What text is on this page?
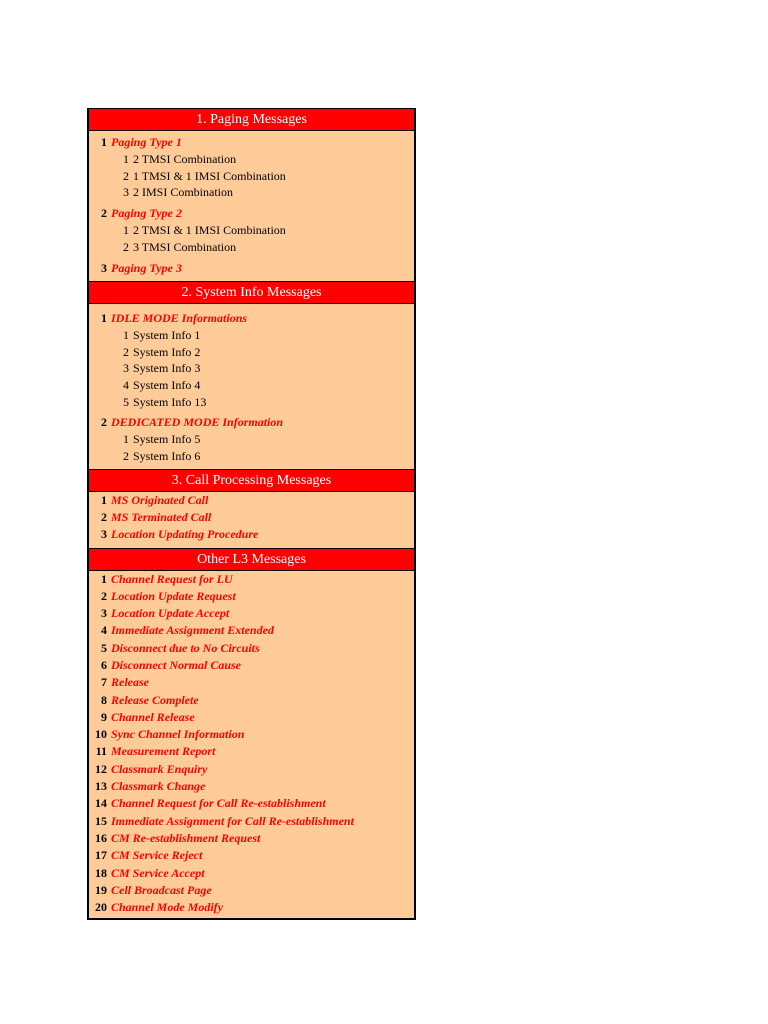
1. Paging Messages
1 Paging Type 1
1 2 TMSI Combination
2 1 TMSI & 1 IMSI Combination
3 2 IMSI Combination
2 Paging Type 2
1 2 TMSI & 1 IMSI Combination
2 3 TMSI Combination
3 Paging Type 3
2. System Info Messages
1 IDLE MODE Informations
1 System Info 1
2 System Info 2
3 System Info 3
4 System Info 4
5 System Info 13
2 DEDICATED MODE Information
1 System Info 5
2 System Info 6
3. Call Processing Messages
1 MS Originated Call
2 MS Terminated Call
3 Location Updating Procedure
Other L3 Messages
1 Channel Request for LU
2 Location Update Request
3 Location Update Accept
4 Immediate Assignment Extended
5 Disconnect due to No Circuits
6 Disconnect Normal Cause
7 Release
8 Release Complete
9 Channel Release
10 Sync Channel Information
11 Measurement Report
12 Classmark Enquiry
13 Classmark Change
14 Channel Request for Call Re-establishment
15 Immediate Assignment for Call Re-establishment
16 CM Re-establishment Request
17 CM Service Reject
18 CM Service Accept
19 Cell Broadcast Page
20 Channel Mode Modify
